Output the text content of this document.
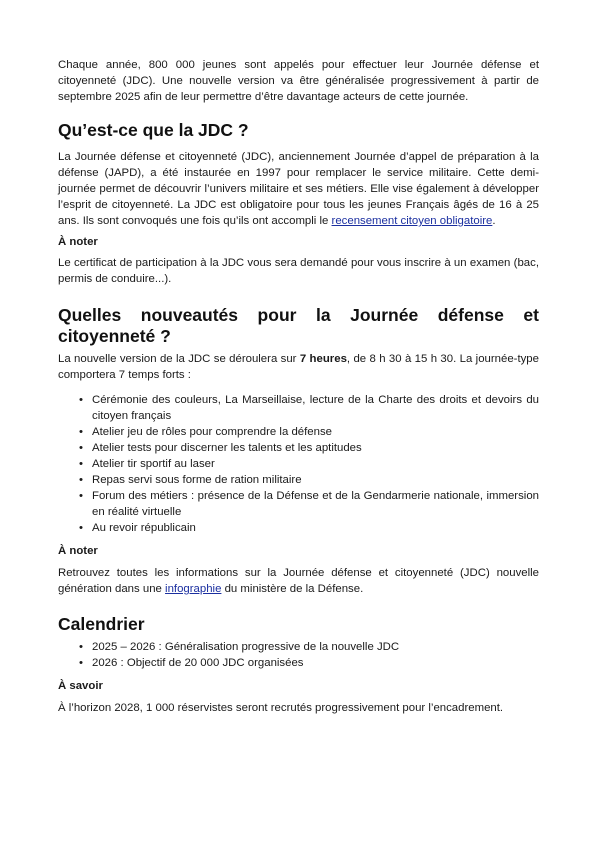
Chaque année, 800 000 jeunes sont appelés pour effectuer leur Journée défense et citoyenneté (JDC). Une nouvelle version va être généralisée progressivement à partir de septembre 2025 afin de leur permettre d’être davantage acteurs de cette journée.

Qu’est-ce que la JDC ?

La Journée défense et citoyenneté (JDC), anciennement Journée d’appel de préparation à la défense (JAPD), a été instaurée en 1997 pour remplacer le service militaire. Cette demi-journée permet de découvrir l’univers militaire et ses métiers. Elle vise également à développer l’esprit de citoyenneté. La JDC est obligatoire pour tous les jeunes Français âgés de 16 à 25 ans. Ils sont convoqués une fois qu’ils ont accompli le recensement citoyen obligatoire.

À noter

Le certificat de participation à la JDC vous sera demandé pour vous inscrire à un examen (bac, permis de conduire...).

Quelles nouveautés pour la Journée défense et citoyenneté ?

La nouvelle version de la JDC se déroulera sur 7 heures, de 8 h 30 à 15 h 30. La journée-type comportera 7 temps forts :

• Cérémonie des couleurs, La Marseillaise, lecture de la Charte des droits et devoirs du citoyen français
• Atelier jeu de rôles pour comprendre la défense
• Atelier tests pour discerner les talents et les aptitudes
• Atelier tir sportif au laser
• Repas servi sous forme de ration militaire
• Forum des métiers : présence de la Défense et de la Gendarmerie nationale, immersion en réalité virtuelle
• Au revoir républicain
À noter

Retrouvez toutes les informations sur la Journée défense et citoyenneté (JDC) nouvelle génération dans une infographie du ministère de la Défense.

Calendrier
• 2025 – 2026 : Généralisation progressive de la nouvelle JDC
• 2026 : Objectif de 20 000 JDC organisées
À savoir

À l’horizon 2028, 1 000 réservistes seront recrutés progressivement pour l’encadrement.
